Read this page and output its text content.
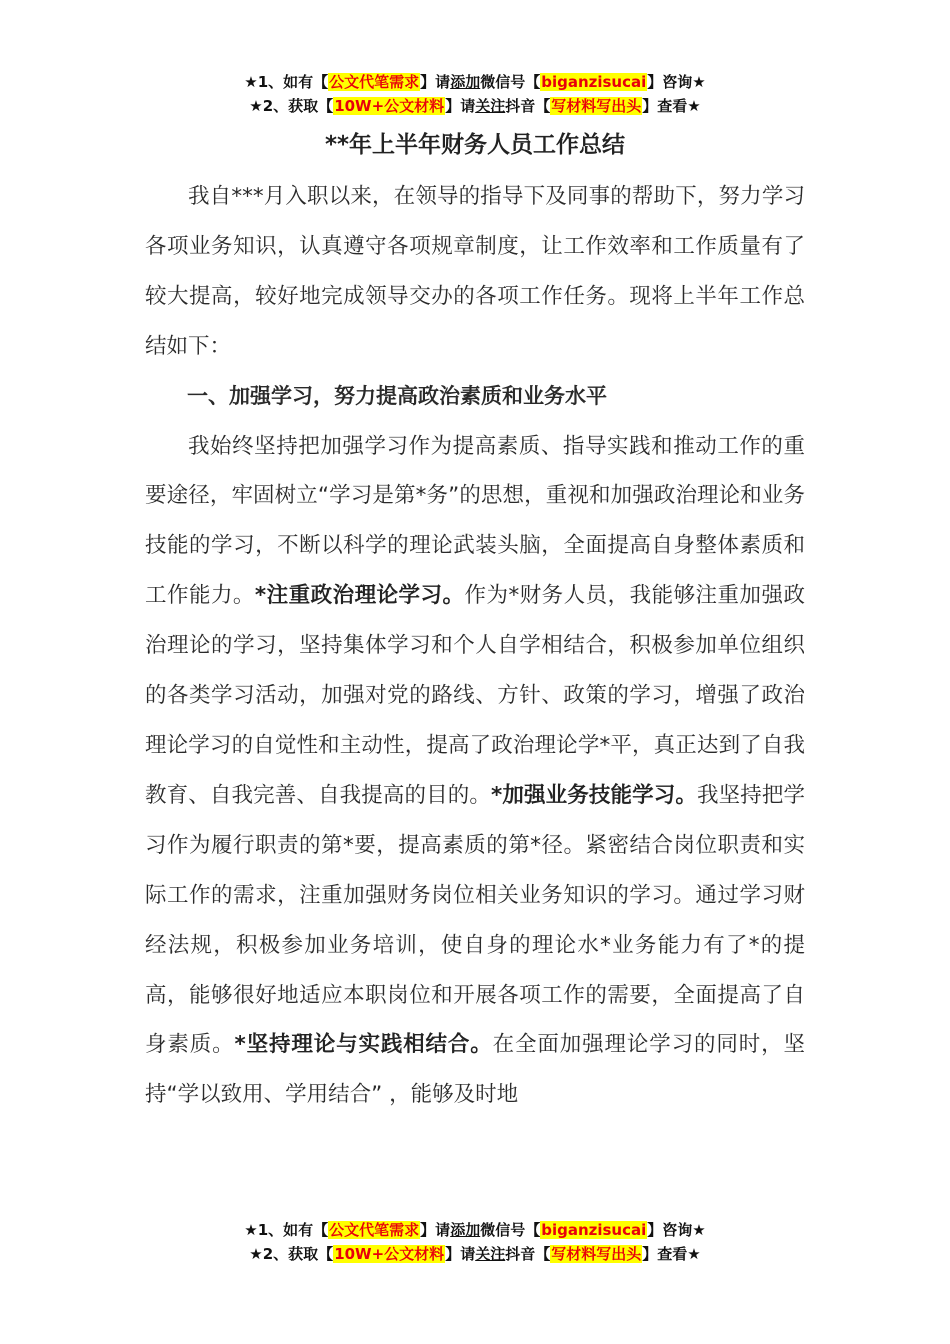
★1、如有【公文代笔需求】请添加微信号【biganzisucai】咨询★
★2、获取【10W+公文材料】请关注抖音【写材料写出头】查看★
**年上半年财务人员工作总结

我自***月入职以来，在领导的指导下及同事的帮助下，努力学习各项业务知识，认真遵守各项规章制度，让工作效率和工作质量有了较大提高，较好地完成领导交办的各项工作任务。现将上半年工作总结如下：

一、加强学习，努力提高政治素质和业务水平

我始终坚持把加强学习作为提高素质、指导实践和推动工作的重要途径，牢固树立“学习是第*务”的思想，重视和加强政治理论和业务技能的学习，不断以科学的理论武装头脑，全面提高自身整体素质和工作能力。*注重政治理论学习。作为*财务人员，我能够注重加强政治理论的学习，坚持集体学习和个人自学相结合，积极参加单位组织的各类学习活动，加强对党的路线、方针、政策的学习，增强了政治理论学习的自觉性和主动性，提高了政治理论学*平，真正达到了自我教育、自我完善、自我提高的目的。*加强业务技能学习。我坚持把学习作为履行职责的第*要，提高素质的第*径。紧密结合岗位职责和实际工作的需求，注重加强财务岗位相关业务知识的学习。通过学习财经法规，积极参加业务培训，使自身的理论水*业务能力有了*的提高，能够很好地适应本职岗位和开展各项工作的需要，全面提高了自身素质。*坚持理论与实践相结合。在全面加强理论学习的同时，坚持“学以致用、学用结合” ，能够及时地

★1、如有【公文代笔需求】请添加微信号【biganzisucai】咨询★
★2、获取【10W+公文材料】请关注抖音【写材料写出头】查看★
